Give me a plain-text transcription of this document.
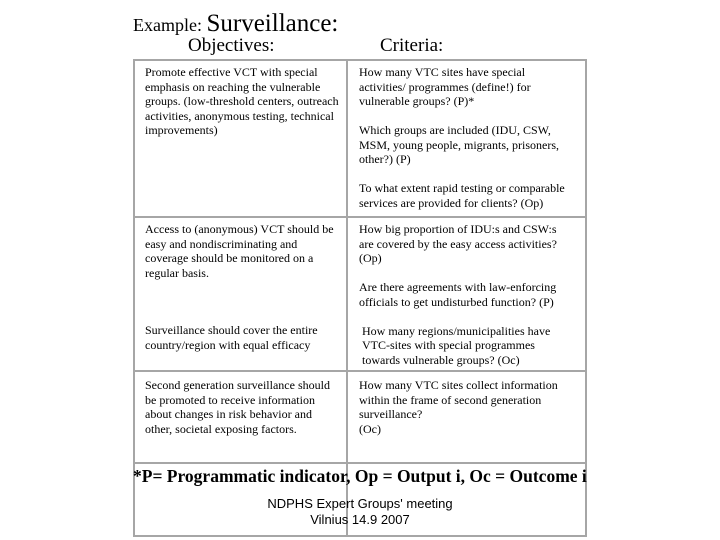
Example: Surveillance:
Objectives:	Criteria:

Promote effective VCT with special emphasis on reaching the vulnerable groups. (low-threshold centers, outreach activities, anonymous testing, technical improvements)

How many VTC sites have special activities/ programmes (define!) for vulnerable groups? (P)*

Which groups are included (IDU, CSW, MSM, young people, migrants, prisoners, other?) (P)

To what extent rapid testing or comparable services are provided for clients? (Op)

Access to (anonymous) VCT should be easy and nondiscriminating and coverage should be monitored on a regular basis.

Surveillance should cover the entire country/region with equal efficacy

How big proportion of IDU:s and CSW:s are covered by the easy access activities? (Op)

Are there agreements with law-enforcing officials to get undisturbed function? (P)

How many regions/municipalities have VTC-sites with special programmes towards vulnerable groups? (Oc)

Second generation surveillance should be promoted to receive information about changes in risk behavior and other, societal exposing factors.

How many VTC sites collect information within the frame of second generation surveillance?

(Oc)

*P= Programmatic indicator, Op = Output i, Oc = Outcome i
NDPHS Expert Groups' meeting
Vilnius 14.9 2007
